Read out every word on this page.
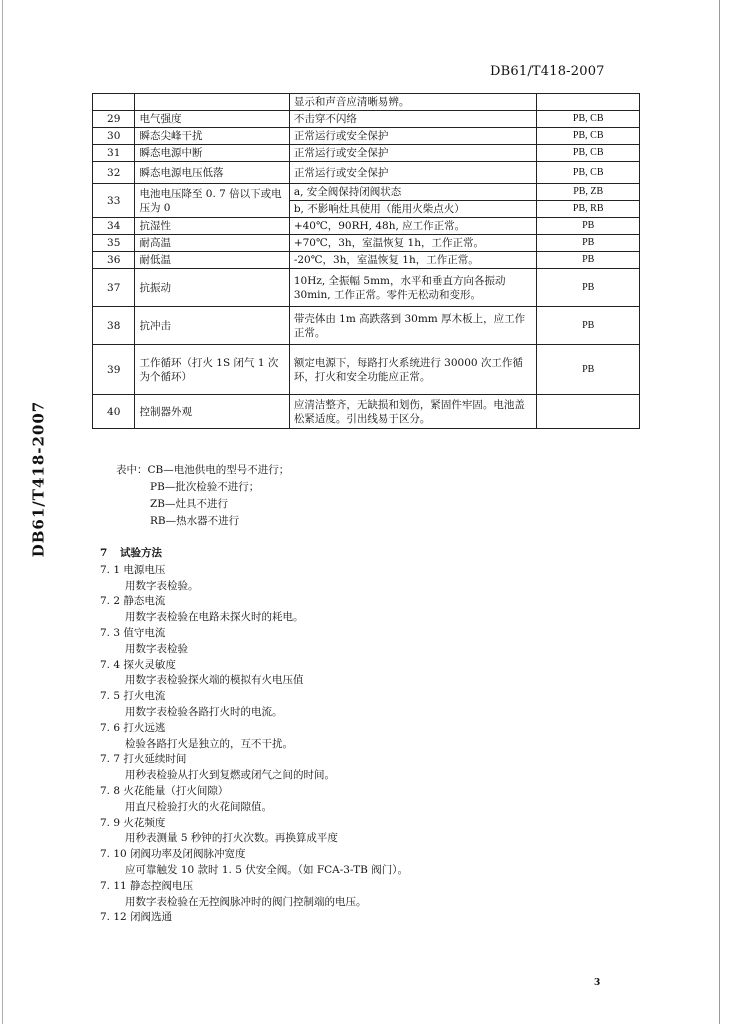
DB61/T418-2007
DB61/T418-2007
		显示和声音应清晰易辨。	
29	电气强度	不击穿不闪络	PB, CB
30	瞬态尖峰干扰	正常运行或安全保护	PB, CB
31	瞬态电源中断	正常运行或安全保护	PB, CB
32	瞬态电源电压低落	正常运行或安全保护	PB, CB
33	电池电压降至 0. 7 倍以下或电压为 0	a, 安全阀保持闭阀状态	PB, ZB
		b, 不影响灶具使用（能用火柴点火）	PB, RB
34	抗湿性	+40℃，90RH, 48h, 应工作正常。	PB
35	耐高温	+70℃，3h，室温恢复 1h，工作正常。	PB
36	耐低温	-20℃，3h，室温恢复 1h，工作正常。	PB
37	抗振动	10Hz, 全振幅 5mm，水平和垂直方向各振动 30min, 工作正常。零件无松动和变形。	PB
38	抗冲击	带壳体由 1m 高跌落到 30mm 厚木板上，应工作正常。	PB
39	工作循环（打火 1S 闭气 1 次为个循环）	额定电源下，每路打火系统进行 30000 次工作循环，打火和安全功能应正常。	PB
40	控制器外观	应清洁整齐，无缺损和划伤，紧固件牢固。电池盖松紧适度。引出线易于区分。	
表中：CB—电池供电的型号不进行；
PB—批次检验不进行；
ZB—灶具不进行
RB—热水器不进行
7 试验方法
7. 1 电源电压
用数字表检验。
7. 2 静态电流
用数字表检验在电路未探火时的耗电。
7. 3 值守电流
用数字表检验
7. 4 探火灵敏度
用数字表检验探火端的模拟有火电压值
7. 5 打火电流
用数字表检验各路打火时的电流。
7. 6 打火远逃
检验各路打火是独立的，互不干扰。
7. 7 打火延续时间
用秒表检验从打火到复燃或闭气之间的时间。
7. 8 火花能量（打火间隙）
用直尺检验打火的火花间隙值。
7. 9 火花频度
用秒表测量 5 秒钟的打火次数。再换算成平度
7. 10 闭阀功率及闭阀脉冲宽度
应可靠触发 10 款时 1. 5 伏安全阀。（如 FCA-3-TB 阀门）。
7. 11 静态控阀电压
用数字表检验在无控阀脉冲时的阀门控制端的电压。
7. 12 闭阀选通
3
